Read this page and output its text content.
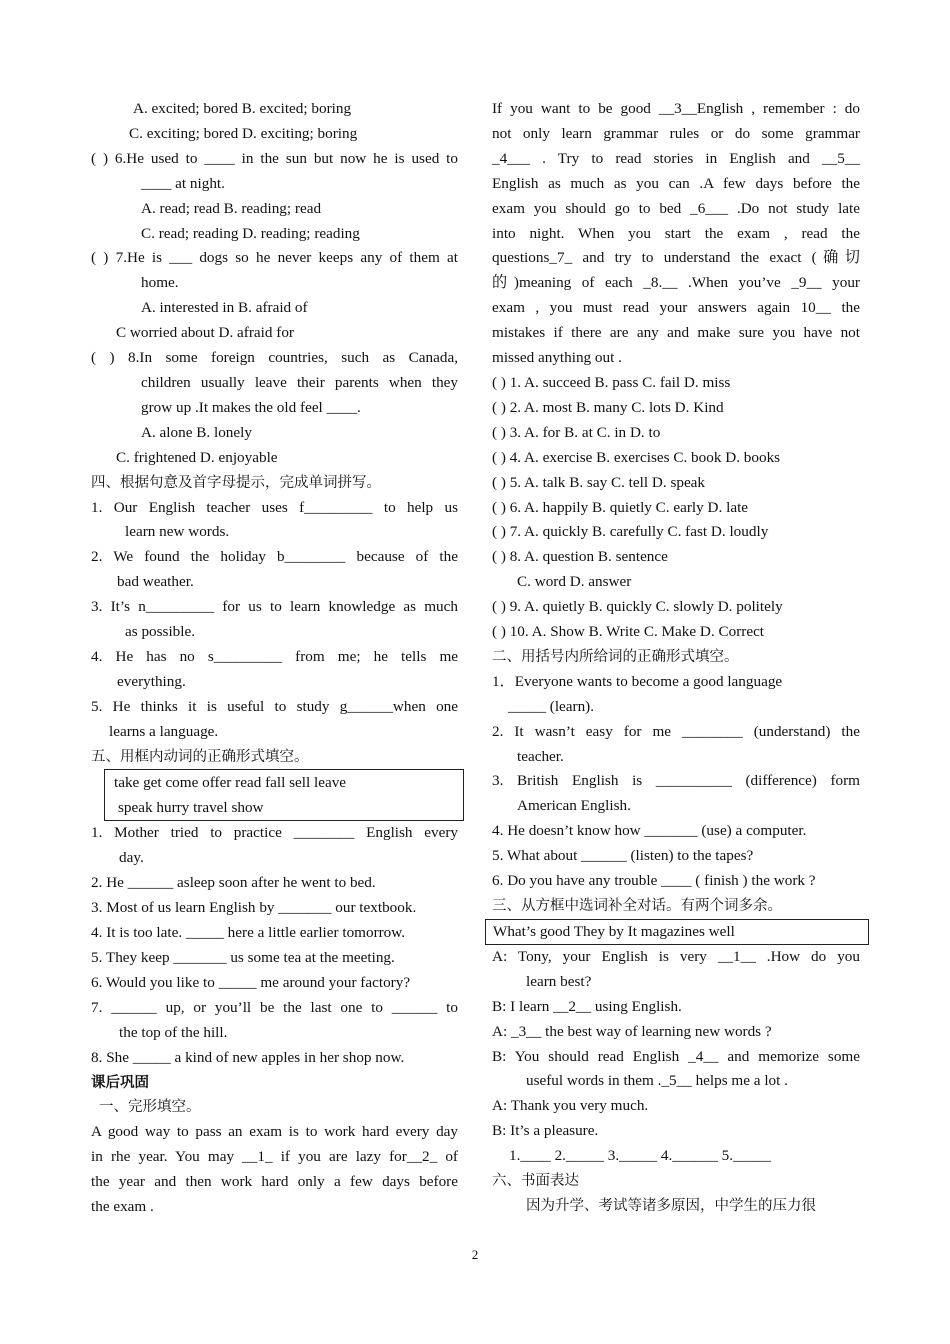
A. excited; bored B. excited; boring
C. exciting; bored D. exciting; boring
( ) 6.He used to ____ in the sun but now he is used to
____ at night.
A. read; read B. reading; read
C. read; reading D. reading; reading
( ) 7.He is ___ dogs so he never keeps any of them at
home.
A. interested in B. afraid of
C worried about D. afraid for
( ) 8.In some foreign countries, such as Canada,
children usually leave their parents when they
grow up .It makes the old feel ____.
A. alone B. lonely
C. frightened D. enjoyable
四、根据句意及首字母提示，完成单词拼写。
1. Our English teacher uses f_________ to help us
learn new words.
2. We found the holiday b________ because of the
bad weather.
3. It’s n_________ for us to learn knowledge as much
as possible.
4. He has no s_________ from me; he tells me
everything.
5. He thinks it is useful to study g______when one
learns a language.
五、用框内动词的正确形式填空。
take get come offer read fall sell leave
speak hurry travel show
1. Mother tried to practice ________ English every
day.
2. He ______ asleep soon after he went to bed.
3. Most of us learn English by _______ our textbook.
4. It is too late. _____ here a little earlier tomorrow.
5. They keep _______ us some tea at the meeting.
6. Would you like to _____ me around your factory?
7. ______ up, or you’ll be the last one to ______ to
the top of the hill.
8. She _____ a kind of new apples in her shop now.
课后巩固
一、完形填空。
A good way to pass an exam is to work hard every day
in rhe year. You may __1_ if you are lazy for__2_ of
the year and then work hard only a few days before
the exam .
If you want to be good __3__English , remember : do
not only learn grammar rules or do some grammar
_4___ . Try to read stories in English and __5__
English as much as you can .A few days before the
exam you should go to bed _6___ .Do not study late
into night. When you start the exam , read the
questions_7_ and try to understand the exact (确切
的)meaning of each _8.__ .When you’ve _9__ your
exam , you must read your answers again 10__ the
mistakes if there are any and make sure you have not
missed anything out .
( ) 1. A. succeed B. pass C. fail D. miss
( ) 2. A. most B. many C. lots D. Kind
( ) 3. A. for B. at C. in D. to
( ) 4. A. exercise B. exercises C. book D. books
( ) 5. A. talk B. say C. tell D. speak
( ) 6. A. happily B. quietly C. early D. late
( ) 7. A. quickly B. carefully C. fast D. loudly
( ) 8. A. question B. sentence
C. word D. answer
( ) 9. A. quietly B. quickly C. slowly D. politely
( ) 10. A. Show B. Write C. Make D. Correct
二、用括号内所给词的正确形式填空。
1．Everyone wants to become a good language
_____ (learn).
2. It wasn’t easy for me ________ (understand) the
teacher.
3. British English is __________ (difference) form
American English.
4. He doesn’t know how _______ (use) a computer.
5. What about ______ (listen) to the tapes?
6. Do you have any trouble ____ ( finish ) the work ?
三、从方框中选词补全对话。有两个词多余。
What’s good They by It magazines well
A: Tony, your English is very __1__ .How do you
learn best?
B: I learn __2__ using English.
A: _3__ the best way of learning new words ?
B: You should read English _4__ and memorize some
useful words in them ._5__ helps me a lot .
A: Thank you very much.
B: It’s a pleasure.
1.____ 2._____ 3._____ 4.______ 5._____
六、书面表达
因为升学、考试等诸多原因，中学生的压力很
2
